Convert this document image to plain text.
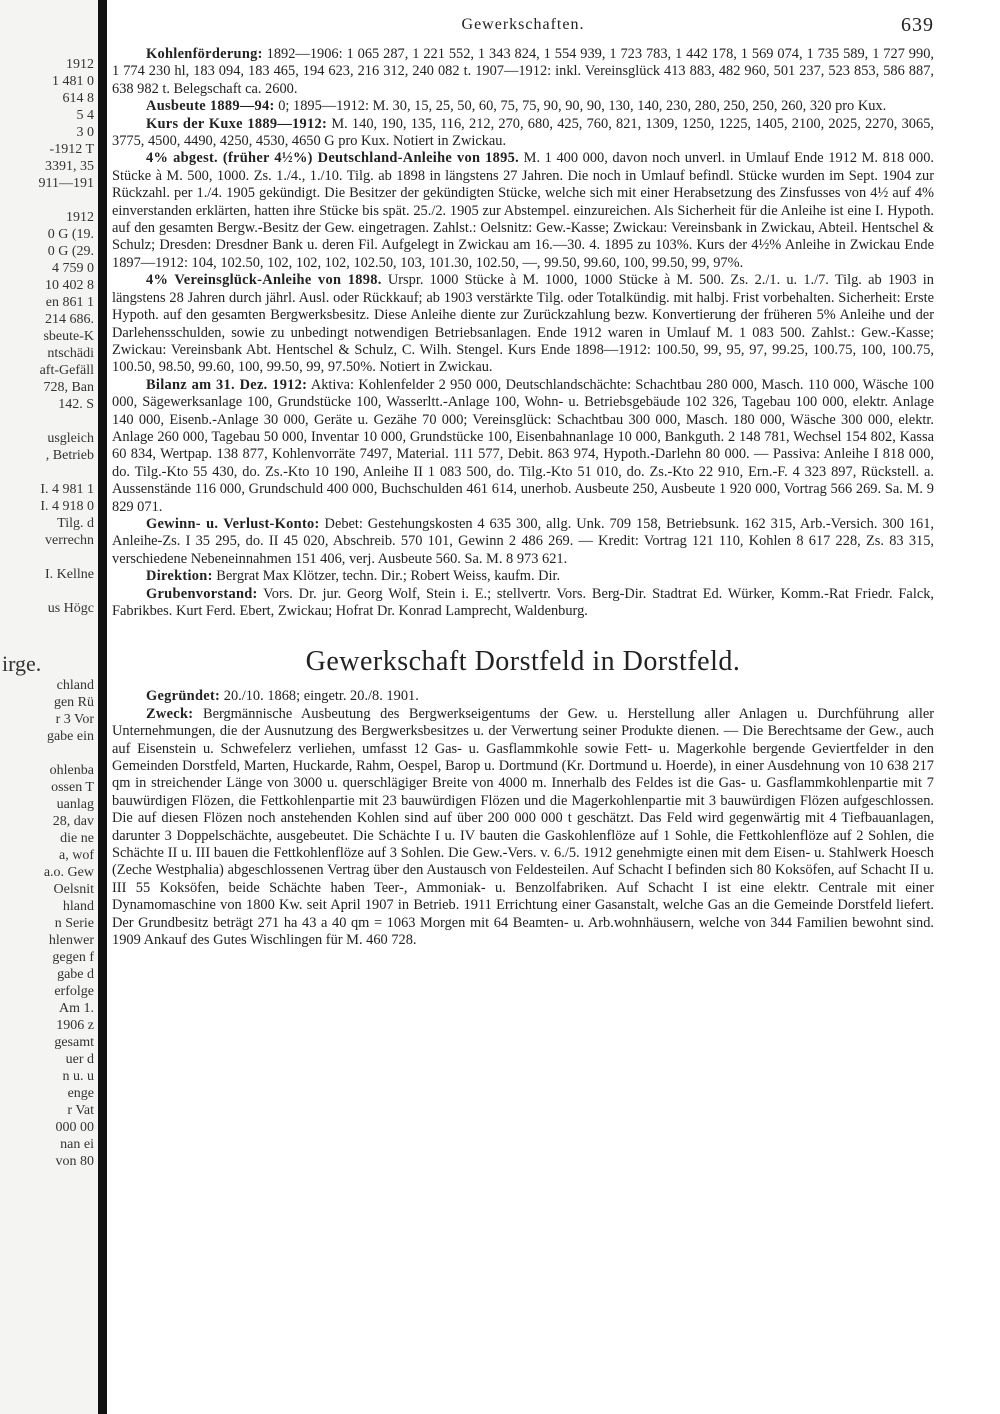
1912
1 481 0
614 8
5 4
3 0
-1912 T
3391, 35
911—191
1912
0 G (19.
0 G (29.
4 759 0
10 402 8
en 861 1
214 686.
sbeute-K
ntschädi
aft-Gefäll
728, Ban
142. S
usgleich
, Betrieb
I. 4 981 1
I. 4 918 0
Tilg. d
verrechn
I. Kellne
us Högc
irge.
chland
gen Rü
r 3 Vor
gabe ein
ohlenba
ossen T
uanlag
28, dav
die ne
a, wof
a.o. Gew
Oelsnit
hland
n Serie
hlenwer
gegen f
gabe d
erfolge
Am 1.
1906 z
gesamt
uer d
n u. u
enge
r Vat
000 00
nan ei
von 80
Gewerkschaften.	639

Kohlenförderung: 1892—1906: 1 065 287, 1 221 552, 1 343 824, 1 554 939, 1 723 783, 1 442 178, 1 569 074, 1 735 589, 1 727 990, 1 774 230 hl, 183 094, 183 465, 194 623, 216 312, 240 082 t. 1907—1912: inkl. Vereinsglück 413 883, 482 960, 501 237, 523 853, 586 887, 638 982 t. Belegschaft ca. 2600.

Ausbeute 1889—94: 0; 1895—1912: M. 30, 15, 25, 50, 60, 75, 75, 90, 90, 90, 130, 140, 230, 280, 250, 250, 260, 320 pro Kux.

Kurs der Kuxe 1889—1912: M. 140, 190, 135, 116, 212, 270, 680, 425, 760, 821, 1309, 1250, 1225, 1405, 2100, 2025, 2270, 3065, 3775, 4500, 4490, 4250, 4530, 4650 G pro Kux. Notiert in Zwickau.

4% abgest. (früher 4½%) Deutschland-Anleihe von 1895. M. 1 400 000, davon noch unverl. in Umlauf Ende 1912 M. 818 000. Stücke à M. 500, 1000. Zs. 1./4., 1./10. Tilg. ab 1898 in längstens 27 Jahren. Die noch in Umlauf befindl. Stücke wurden im Sept. 1904 zur Rückzahl. per 1./4. 1905 gekündigt. Die Besitzer der gekündigten Stücke, welche sich mit einer Herabsetzung des Zinsfusses von 4½ auf 4% einverstanden erklärten, hatten ihre Stücke bis spät. 25./2. 1905 zur Abstempel. einzureichen. Als Sicherheit für die Anleihe ist eine I. Hypoth. auf den gesamten Bergw.-Besitz der Gew. eingetragen. Zahlst.: Oelsnitz: Gew.-Kasse; Zwickau: Vereinsbank in Zwickau, Abteil. Hentschel & Schulz; Dresden: Dresdner Bank u. deren Fil. Aufgelegt in Zwickau am 16.—30. 4. 1895 zu 103%. Kurs der 4½% Anleihe in Zwickau Ende 1897—1912: 104, 102.50, 102, 102, 102, 102.50, 103, 101.30, 102.50, —, 99.50, 99.60, 100, 99.50, 99, 97%.

4% Vereinsglück-Anleihe von 1898. Urspr. 1000 Stücke à M. 1000, 1000 Stücke à M. 500. Zs. 2./1. u. 1./7. Tilg. ab 1903 in längstens 28 Jahren durch jährl. Ausl. oder Rückkauf; ab 1903 verstärkte Tilg. oder Totalkündig. mit halbj. Frist vorbehalten. Sicherheit: Erste Hypoth. auf den gesamten Bergwerksbesitz. Diese Anleihe diente zur Zurückzahlung bezw. Konvertierung der früheren 5% Anleihe und der Darlehensschulden, sowie zu unbedingt notwendigen Betriebsanlagen. Ende 1912 waren in Umlauf M. 1 083 500. Zahlst.: Gew.-Kasse; Zwickau: Vereinsbank Abt. Hentschel & Schulz, C. Wilh. Stengel. Kurs Ende 1898—1912: 100.50, 99, 95, 97, 99.25, 100.75, 100, 100.75, 100.50, 98.50, 99.60, 100, 99.50, 99, 97.50%. Notiert in Zwickau.

Bilanz am 31. Dez. 1912: Aktiva: Kohlenfelder 2 950 000, Deutschlandschächte: Schachtbau 280 000, Masch. 110 000, Wäsche 100 000, Sägewerksanlage 100, Grundstücke 100, Wasserltt.-Anlage 100, Wohn- u. Betriebsgebäude 102 326, Tagebau 100 000, elektr. Anlage 140 000, Eisenb.-Anlage 30 000, Geräte u. Gezähe 70 000; Vereinsglück: Schachtbau 300 000, Masch. 180 000, Wäsche 300 000, elektr. Anlage 260 000, Tagebau 50 000, Inventar 10 000, Grundstücke 100, Eisenbahnanlage 10 000, Bankguth. 2 148 781, Wechsel 154 802, Kassa 60 834, Wertpap. 138 877, Kohlenvorräte 7497, Material. 111 577, Debit. 863 974, Hypoth.-Darlehn 80 000. — Passiva: Anleihe I 818 000, do. Tilg.-Kto 55 430, do. Zs.-Kto 10 190, Anleihe II 1 083 500, do. Tilg.-Kto 51 010, do. Zs.-Kto 22 910, Ern.-F. 4 323 897, Rückstell. a. Aussenstände 116 000, Grundschuld 400 000, Buchschulden 461 614, unerhob. Ausbeute 250, Ausbeute 1 920 000, Vortrag 566 269. Sa. M. 9 829 071.

Gewinn- u. Verlust-Konto: Debet: Gestehungskosten 4 635 300, allg. Unk. 709 158, Betriebsunk. 162 315, Arb.-Versich. 300 161, Anleihe-Zs. I 35 295, do. II 45 020, Abschreib. 570 101, Gewinn 2 486 269. — Kredit: Vortrag 121 110, Kohlen 8 617 228, Zs. 83 315, verschiedene Nebeneinnahmen 151 406, verj. Ausbeute 560. Sa. M. 8 973 621.

Direktion: Bergrat Max Klötzer, techn. Dir.; Robert Weiss, kaufm. Dir.

Grubenvorstand: Vors. Dr. jur. Georg Wolf, Stein i. E.; stellvertr. Vors. Berg-Dir. Stadtrat Ed. Würker, Komm.-Rat Friedr. Falck, Fabrikbes. Kurt Ferd. Ebert, Zwickau; Hofrat Dr. Konrad Lamprecht, Waldenburg.

Gewerkschaft Dorstfeld in Dorstfeld.

Gegründet: 20./10. 1868; eingetr. 20./8. 1901.

Zweck: Bergmännische Ausbeutung des Bergwerkseigentums der Gew. u. Herstellung aller Anlagen u. Durchführung aller Unternehmungen, die der Ausnutzung des Bergwerksbesitzes u. der Verwertung seiner Produkte dienen. — Die Berechtsame der Gew., auch auf Eisenstein u. Schwefelerz verliehen, umfasst 12 Gas- u. Gasflammkohle sowie Fett- u. Magerkohle bergende Geviertfelder in den Gemeinden Dorstfeld, Marten, Huckarde, Rahm, Oespel, Barop u. Dortmund (Kr. Dortmund u. Hoerde), in einer Ausdehnung von 10 638 217 qm in streichender Länge von 3000 u. querschlägiger Breite von 4000 m. Innerhalb des Feldes ist die Gas- u. Gasflammkohlenpartie mit 7 bauwürdigen Flözen, die Fettkohlenpartie mit 23 bauwürdigen Flözen und die Magerkohlenpartie mit 3 bauwürdigen Flözen aufgeschlossen. Die auf diesen Flözen noch anstehenden Kohlen sind auf über 200 000 000 t geschätzt. Das Feld wird gegenwärtig mit 4 Tiefbauanlagen, darunter 3 Doppelschächte, ausgebeutet. Die Schächte I u. IV bauten die Gaskohlenflöze auf 1 Sohle, die Fettkohlenflöze auf 2 Sohlen, die Schächte II u. III bauen die Fettkohlenflöze auf 3 Sohlen. Die Gew.-Vers. v. 6./5. 1912 genehmigte einen mit dem Eisen- u. Stahlwerk Hoesch (Zeche Westphalia) abgeschlossenen Vertrag über den Austausch von Feldesteilen. Auf Schacht I befinden sich 80 Koksöfen, auf Schacht II u. III 55 Koksöfen, beide Schächte haben Teer-, Ammoniak- u. Benzolfabriken. Auf Schacht I ist eine elektr. Centrale mit einer Dynamomaschine von 1800 Kw. seit April 1907 in Betrieb. 1911 Errichtung einer Gasanstalt, welche Gas an die Gemeinde Dorstfeld liefert. Der Grundbesitz beträgt 271 ha 43 a 40 qm = 1063 Morgen mit 64 Beamten- u. Arb.wohnhäusern, welche von 344 Familien bewohnt sind. 1909 Ankauf des Gutes Wischlingen für M. 460 728.
